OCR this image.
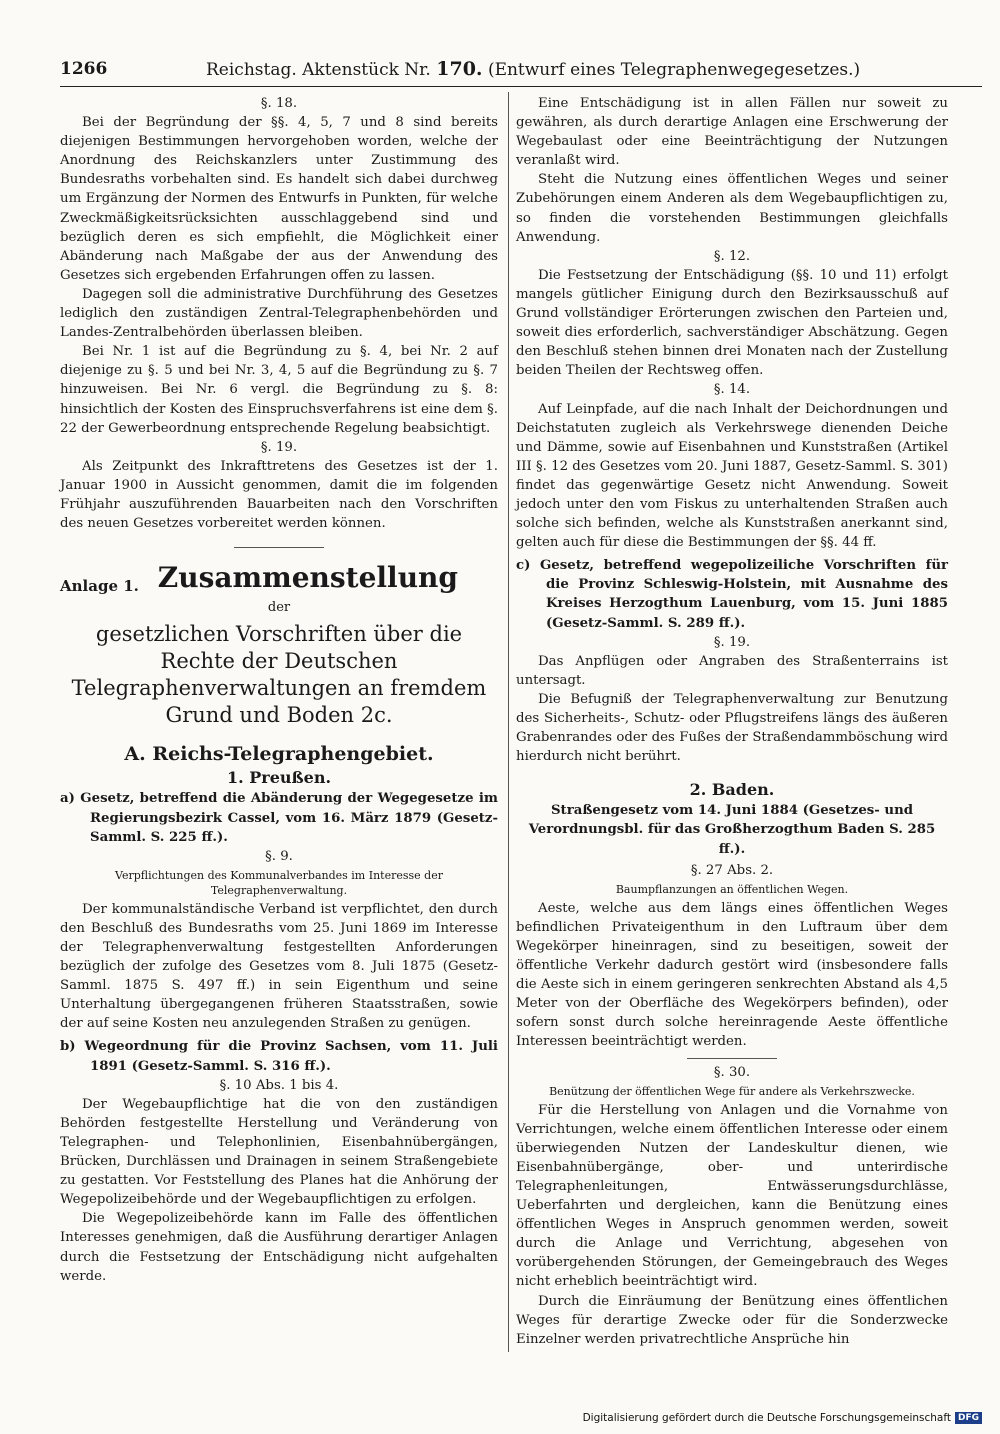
1266	Reichstag. Aktenstück Nr. 170. (Entwurf eines Telegraphenwegegesetzes.)
§. 18.

Bei der Begründung der §§. 4, 5, 7 und 8 sind bereits diejenigen Bestimmungen hervorgehoben worden, welche der Anordnung des Reichskanzlers unter Zustimmung des Bundesraths vorbehalten sind. Es handelt sich dabei durchweg um Ergänzung der Normen des Entwurfs in Punkten, für welche Zweckmäßigkeitsrücksichten ausschlaggebend sind und bezüglich deren es sich empfiehlt, die Möglichkeit einer Abänderung nach Maßgabe der aus der Anwendung des Gesetzes sich ergebenden Erfahrungen offen zu lassen.

Dagegen soll die administrative Durchführung des Gesetzes lediglich den zuständigen Zentral-Telegraphenbehörden und Landes-Zentralbehörden überlassen bleiben.

Bei Nr. 1 ist auf die Begründung zu §. 4, bei Nr. 2 auf diejenige zu §. 5 und bei Nr. 3, 4, 5 auf die Begründung zu §. 7 hinzuweisen. Bei Nr. 6 vergl. die Begründung zu §. 8: hinsichtlich der Kosten des Einspruchsverfahrens ist eine dem §. 22 der Gewerbeordnung entsprechende Regelung beabsichtigt.

§. 19.

Als Zeitpunkt des Inkrafttretens des Gesetzes ist der 1. Januar 1900 in Aussicht genommen, damit die im folgenden Frühjahr auszuführenden Bauarbeiten nach den Vorschriften des neuen Gesetzes vorbereitet werden können.

Anlage 1. Zusammenstellung
der
gesetzlichen Vorschriften über die Rechte der Deutschen Telegraphenverwaltungen an fremdem Grund und Boden 2c.
A. Reichs-Telegraphengebiet.
1. Preußen.
a) Gesetz, betreffend die Abänderung der Wegegesetze im Regierungsbezirk Cassel, vom 16. März 1879 (Gesetz-Samml. S. 225 ff.).
§. 9.
Verpflichtungen des Kommunalverbandes im Interesse der Telegraphenverwaltung.

Der kommunalständische Verband ist verpflichtet, den durch den Beschluß des Bundesraths vom 25. Juni 1869 im Interesse der Telegraphenverwaltung festgestellten Anforderungen bezüglich der zufolge des Gesetzes vom 8. Juli 1875 (Gesetz-Samml. 1875 S. 497 ff.) in sein Eigenthum und seine Unterhaltung übergegangenen früheren Staatsstraßen, sowie der auf seine Kosten neu anzulegenden Straßen zu genügen.

b) Wegeordnung für die Provinz Sachsen, vom 11. Juli 1891 (Gesetz-Samml. S. 316 ff.).
§. 10 Abs. 1 bis 4.

Der Wegebaupflichtige hat die von den zuständigen Behörden festgestellte Herstellung und Veränderung von Telegraphen- und Telephonlinien, Eisenbahnübergängen, Brücken, Durchlässen und Drainagen in seinem Straßengebiete zu gestatten. Vor Feststellung des Planes hat die Anhörung der Wegepolizeibehörde und der Wegebaupflichtigen zu erfolgen.

Die Wegepolizeibehörde kann im Falle des öffentlichen Interesses genehmigen, daß die Ausführung derartiger Anlagen durch die Festsetzung der Entschädigung nicht aufgehalten werde.

Eine Entschädigung ist in allen Fällen nur soweit zu gewähren, als durch derartige Anlagen eine Erschwerung der Wegebaulast oder eine Beeinträchtigung der Nutzungen veranlaßt wird.

Steht die Nutzung eines öffentlichen Weges und seiner Zubehörungen einem Anderen als dem Wegebaupflichtigen zu, so finden die vorstehenden Bestimmungen gleichfalls Anwendung.

§. 12.

Die Festsetzung der Entschädigung (§§. 10 und 11) erfolgt mangels gütlicher Einigung durch den Bezirksausschuß auf Grund vollständiger Erörterungen zwischen den Parteien und, soweit dies erforderlich, sachverständiger Abschätzung. Gegen den Beschluß stehen binnen drei Monaten nach der Zustellung beiden Theilen der Rechtsweg offen.

§. 14.

Auf Leinpfade, auf die nach Inhalt der Deichordnungen und Deichstatuten zugleich als Verkehrswege dienenden Deiche und Dämme, sowie auf Eisenbahnen und Kunststraßen (Artikel III §. 12 des Gesetzes vom 20. Juni 1887, Gesetz-Samml. S. 301) findet das gegenwärtige Gesetz nicht Anwendung. Soweit jedoch unter den vom Fiskus zu unterhaltenden Straßen auch solche sich befinden, welche als Kunststraßen anerkannt sind, gelten auch für diese die Bestimmungen der §§. 44 ff.

c) Gesetz, betreffend wegepolizeiliche Vorschriften für die Provinz Schleswig-Holstein, mit Ausnahme des Kreises Herzogthum Lauenburg, vom 15. Juni 1885 (Gesetz-Samml. S. 289 ff.).
§. 19.

Das Anpflügen oder Angraben des Straßenterrains ist untersagt.

Die Befugniß der Telegraphenverwaltung zur Benutzung des Sicherheits-, Schutz- oder Pflugstreifens längs des äußeren Grabenrandes oder des Fußes der Straßendammböschung wird hierdurch nicht berührt.

2. Baden.
Straßengesetz vom 14. Juni 1884 (Gesetzes- und Verordnungsbl. für das Großherzogthum Baden S. 285 ff.).
§. 27 Abs. 2.
Baumpflanzungen an öffentlichen Wegen.

Aeste, welche aus dem längs eines öffentlichen Weges befindlichen Privateigenthum in den Luftraum über dem Wegekörper hineinragen, sind zu beseitigen, soweit der öffentliche Verkehr dadurch gestört wird (insbesondere falls die Aeste sich in einem geringeren senkrechten Abstand als 4,5 Meter von der Oberfläche des Wegekörpers befinden), oder sofern sonst durch solche hereinragende Aeste öffentliche Interessen beeinträchtigt werden.

§. 30.
Benützung der öffentlichen Wege für andere als Verkehrszwecke.

Für die Herstellung von Anlagen und die Vornahme von Verrichtungen, welche einem öffentlichen Interesse oder einem überwiegenden Nutzen der Landeskultur dienen, wie Eisenbahnübergänge, ober- und unterirdische Telegraphenleitungen, Entwässerungsdurchlässe, Ueberfahrten und dergleichen, kann die Benützung eines öffentlichen Weges in Anspruch genommen werden, soweit durch die Anlage und Verrichtung, abgesehen von vorübergehenden Störungen, der Gemeingebrauch des Weges nicht erheblich beeinträchtigt wird.

Durch die Einräumung der Benützung eines öffentlichen Weges für derartige Zwecke oder für die Sonderzwecke Einzelner werden privatrechtliche Ansprüche hin

Digitalisierung gefördert durch die Deutsche Forschungsgemeinschaft DFG
